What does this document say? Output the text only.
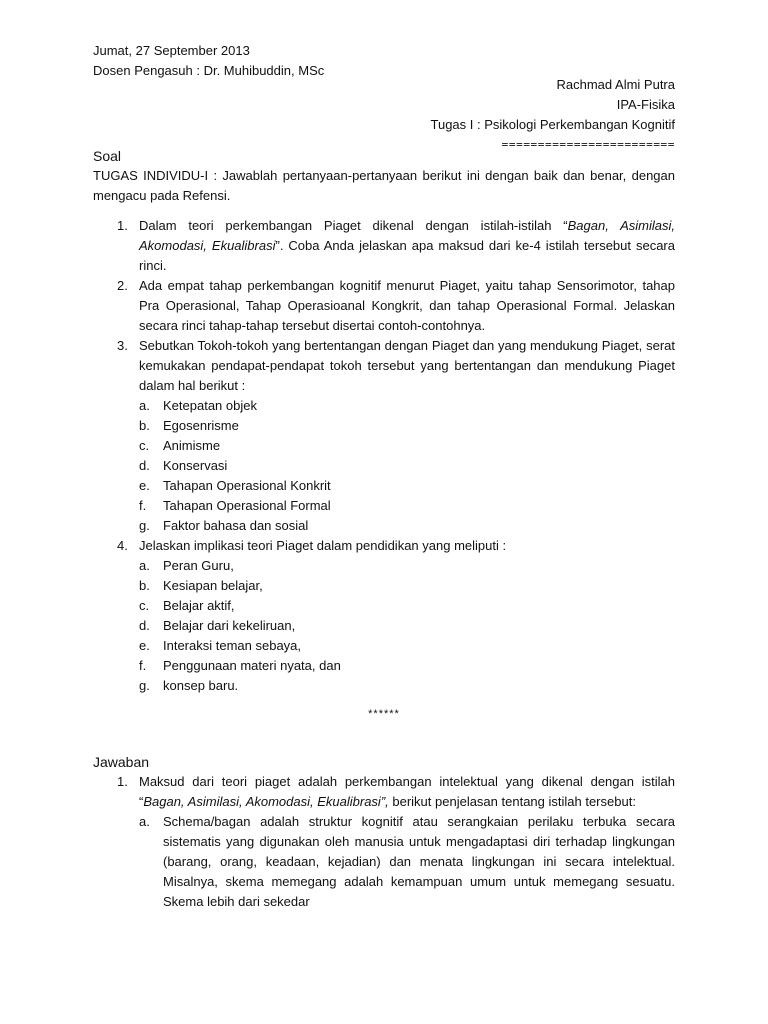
Jumat, 27 September 2013
Dosen Pengasuh : Dr. Muhibuddin, MSc
Rachmad Almi Putra
IPA-Fisika
Tugas I : Psikologi Perkembangan Kognitif
========================
Soal
TUGAS INDIVIDU-I : Jawablah pertanyaan-pertanyaan berikut ini dengan baik dan benar, dengan mengacu pada Refensi.
1. Dalam teori perkembangan Piaget dikenal dengan istilah-istilah “Bagan, Asimilasi, Akomodasi, Ekualibrasi”. Coba Anda jelaskan apa maksud dari ke-4 istilah tersebut secara rinci.
2. Ada empat tahap perkembangan kognitif menurut Piaget, yaitu tahap Sensorimotor, tahap Pra Operasional, Tahap Operasioanal Kongkrit, dan tahap Operasional Formal. Jelaskan secara rinci tahap-tahap tersebut disertai contoh-contohnya.
3. Sebutkan Tokoh-tokoh yang bertentangan dengan Piaget dan yang mendukung Piaget, serat kemukakan pendapat-pendapat tokoh tersebut yang bertentangan dan mendukung Piaget dalam hal berikut :
a. Ketepatan objek
b. Egosenrisme
c. Animisme
d. Konservasi
e. Tahapan Operasional Konkrit
f. Tahapan Operasional Formal
g. Faktor bahasa dan sosial
4. Jelaskan implikasi teori Piaget dalam pendidikan yang meliputi :
a. Peran Guru,
b. Kesiapan belajar,
c. Belajar aktif,
d. Belajar dari kekeliruan,
e. Interaksi teman sebaya,
f. Penggunaan materi nyata, dan
g. konsep baru.
******
Jawaban
1. Maksud dari teori piaget adalah perkembangan intelektual yang dikenal dengan istilah “Bagan, Asimilasi, Akomodasi, Ekualibrasi”, berikut penjelasan tentang istilah tersebut:
a. Schema/bagan adalah struktur kognitif atau serangkaian perilaku terbuka secara sistematis yang digunakan oleh manusia untuk mengadaptasi diri terhadap lingkungan (barang, orang, keadaan, kejadian) dan menata lingkungan ini secara intelektual. Misalnya, skema memegang adalah kemampuan umum untuk memegang sesuatu. Skema lebih dari sekedar
